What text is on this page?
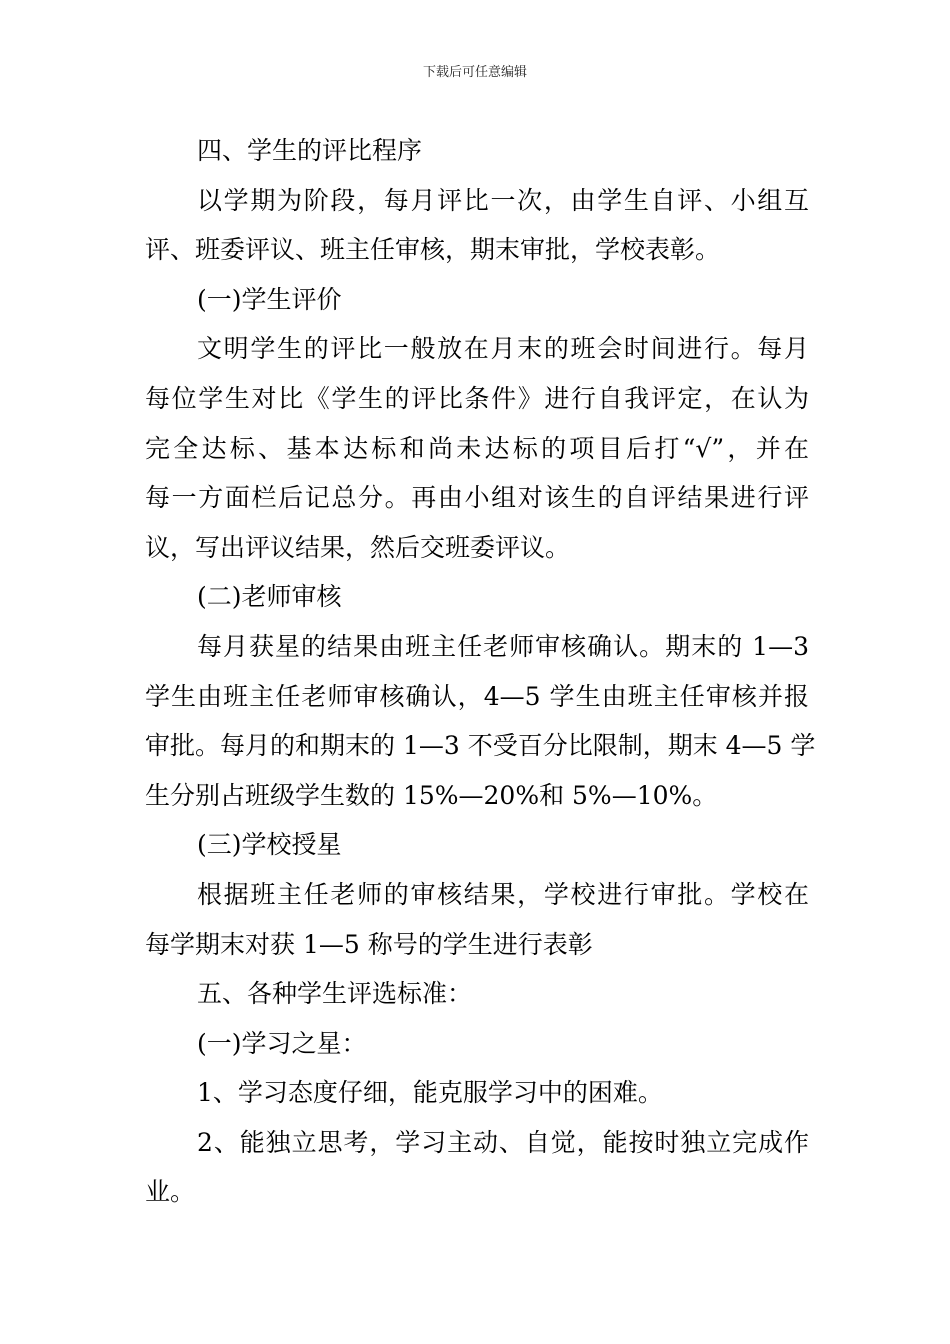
下载后可任意编辑
四、学生的评比程序
以学期为阶段，每月评比一次，由学生自评、小组互
评、班委评议、班主任审核，期末审批，学校表彰。
(一)学生评价
文明学生的评比一般放在月末的班会时间进行。每月
每位学生对比《学生的评比条件》进行自我评定，在认为
完全达标、基本达标和尚未达标的项目后打“√”，并在
每一方面栏后记总分。再由小组对该生的自评结果进行评
议，写出评议结果，然后交班委评议。
(二)老师审核
每月获星的结果由班主任老师审核确认。期末的 1—3
学生由班主任老师审核确认，4—5 学生由班主任审核并报
审批。每月的和期末的 1—3 不受百分比限制，期末 4—5 学
生分别占班级学生数的 15%—20%和 5%—10%。
(三)学校授星
根据班主任老师的审核结果，学校进行审批。学校在
每学期末对获 1—5 称号的学生进行表彰
五、各种学生评选标准：
(一)学习之星：
1、学习态度仔细，能克服学习中的困难。
2、能独立思考，学习主动、自觉，能按时独立完成作
业。
